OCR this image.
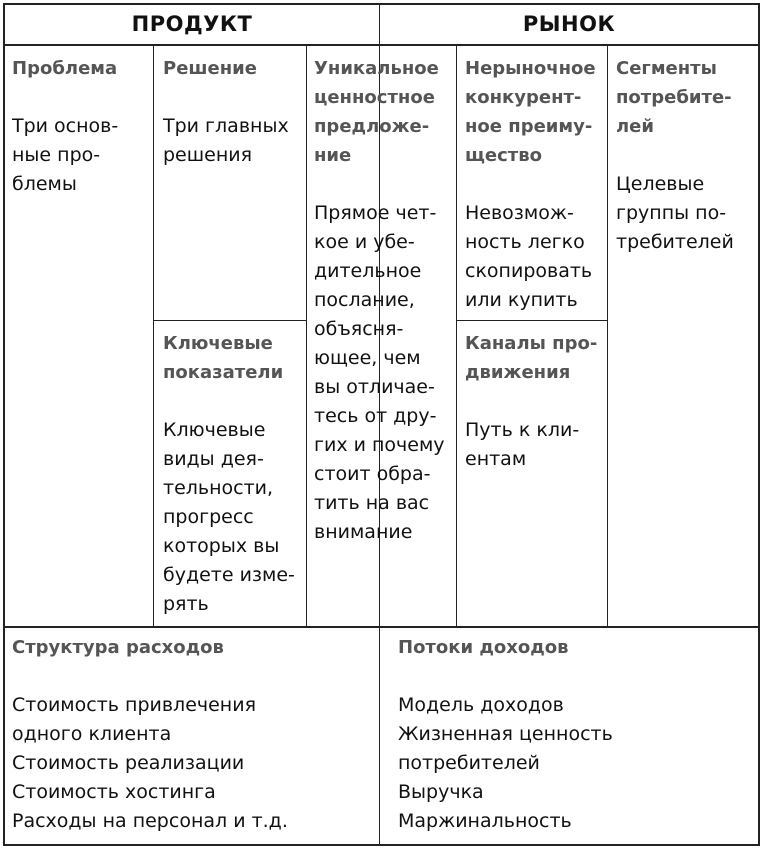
ПРОДУКТ	РЫНОК
Проблема
Три основ-
ные про-
блемы
Решение
Три главных
решения
Ключевые
показатели
Ключевые
виды дея-
тельности,
прогресс
которых вы
будете изме-
рять
Уникальное
ценностное
предложе-
ние
Прямое чет-
кое и убе-
дительное
послание,
объясня-
ющее, чем
вы отличае-
тесь от дру-
гих и почему
стоит обра-
тить на вас
внимание
Нерыночное
конкурент-
ное преиму-
щество
Невозмож-
ность легко
скопировать
или купить
Каналы про-
движения
Путь к кли-
ентам
Сегменты
потребите-
лей
Целевые
группы по-
требителей
Структура расходов
Стоимость привлечения
одного клиента
Стоимость реализации
Стоимость хостинга
Расходы на персонал и т.д.
Потоки доходов
Модель доходов
Жизненная ценность потребителей
Выручка
Маржинальность
